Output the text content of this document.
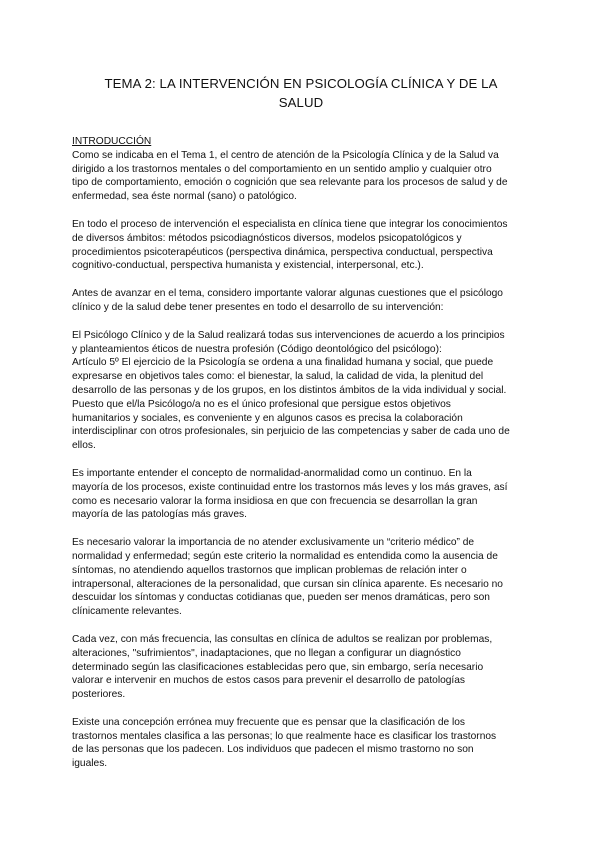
TEMA 2: LA INTERVENCIÓN EN PSICOLOGÍA CLÍNICA Y DE LA
SALUD

INTRODUCCIÓN

Como se indicaba en el Tema 1, el centro de atención de la Psicología Clínica y de la Salud va
dirigido a los trastornos mentales o del comportamiento en un sentido amplio y cualquier otro
tipo de comportamiento, emoción o cognición que sea relevante para los procesos de salud y de
enfermedad, sea éste normal (sano) o patológico.

En todo el proceso de intervención el especialista en clínica tiene que integrar los conocimientos
de diversos ámbitos: métodos psicodiagnósticos diversos, modelos psicopatológicos y
procedimientos psicoterapéuticos (perspectiva dinámica, perspectiva conductual, perspectiva
cognitivo-conductual, perspectiva humanista y existencial, interpersonal, etc.).

Antes de avanzar en el tema, considero importante valorar algunas cuestiones que el psicólogo
clínico y de la salud debe tener presentes en todo el desarrollo de su intervención:

El Psicólogo Clínico y de la Salud realizará todas sus intervenciones de acuerdo a los principios
y planteamientos éticos de nuestra profesión (Código deontológico del psicólogo):
Artículo 5º El ejercicio de la Psicología se ordena a una finalidad humana y social, que puede
expresarse en objetivos tales como: el bienestar, la salud, la calidad de vida, la plenitud del
desarrollo de las personas y de los grupos, en los distintos ámbitos de la vida individual y social.
Puesto que el/la Psicólogo/a no es el único profesional que persigue estos objetivos
humanitarios y sociales, es conveniente y en algunos casos es precisa la colaboración
interdisciplinar con otros profesionales, sin perjuicio de las competencias y saber de cada uno de
ellos.

Es importante entender el concepto de normalidad-anormalidad como un continuo. En la
mayoría de los procesos, existe continuidad entre los trastornos más leves y los más graves, así
como es necesario valorar la forma insidiosa en que con frecuencia se desarrollan la gran
mayoría de las patologías más graves.

Es necesario valorar la importancia de no atender exclusivamente un “criterio médico” de
normalidad y enfermedad; según este criterio la normalidad es entendida como la ausencia de
síntomas, no atendiendo aquellos trastornos que implican problemas de relación inter o
intrapersonal, alteraciones de la personalidad, que cursan sin clínica aparente. Es necesario no
descuidar los síntomas y conductas cotidianas que, pueden ser menos dramáticas, pero son
clínicamente relevantes.

Cada vez, con más frecuencia, las consultas en clínica de adultos se realizan por problemas,
alteraciones, "sufrimientos", inadaptaciones, que no llegan a configurar un diagnóstico
determinado según las clasificaciones establecidas pero que, sin embargo, sería necesario
valorar e intervenir en muchos de estos casos para prevenir el desarrollo de patologías
posteriores.

Existe una concepción errónea muy frecuente que es pensar que la clasificación de los
trastornos mentales clasifica a las personas; lo que realmente hace es clasificar los trastornos
de las personas que los padecen. Los individuos que padecen el mismo trastorno no son
iguales.
